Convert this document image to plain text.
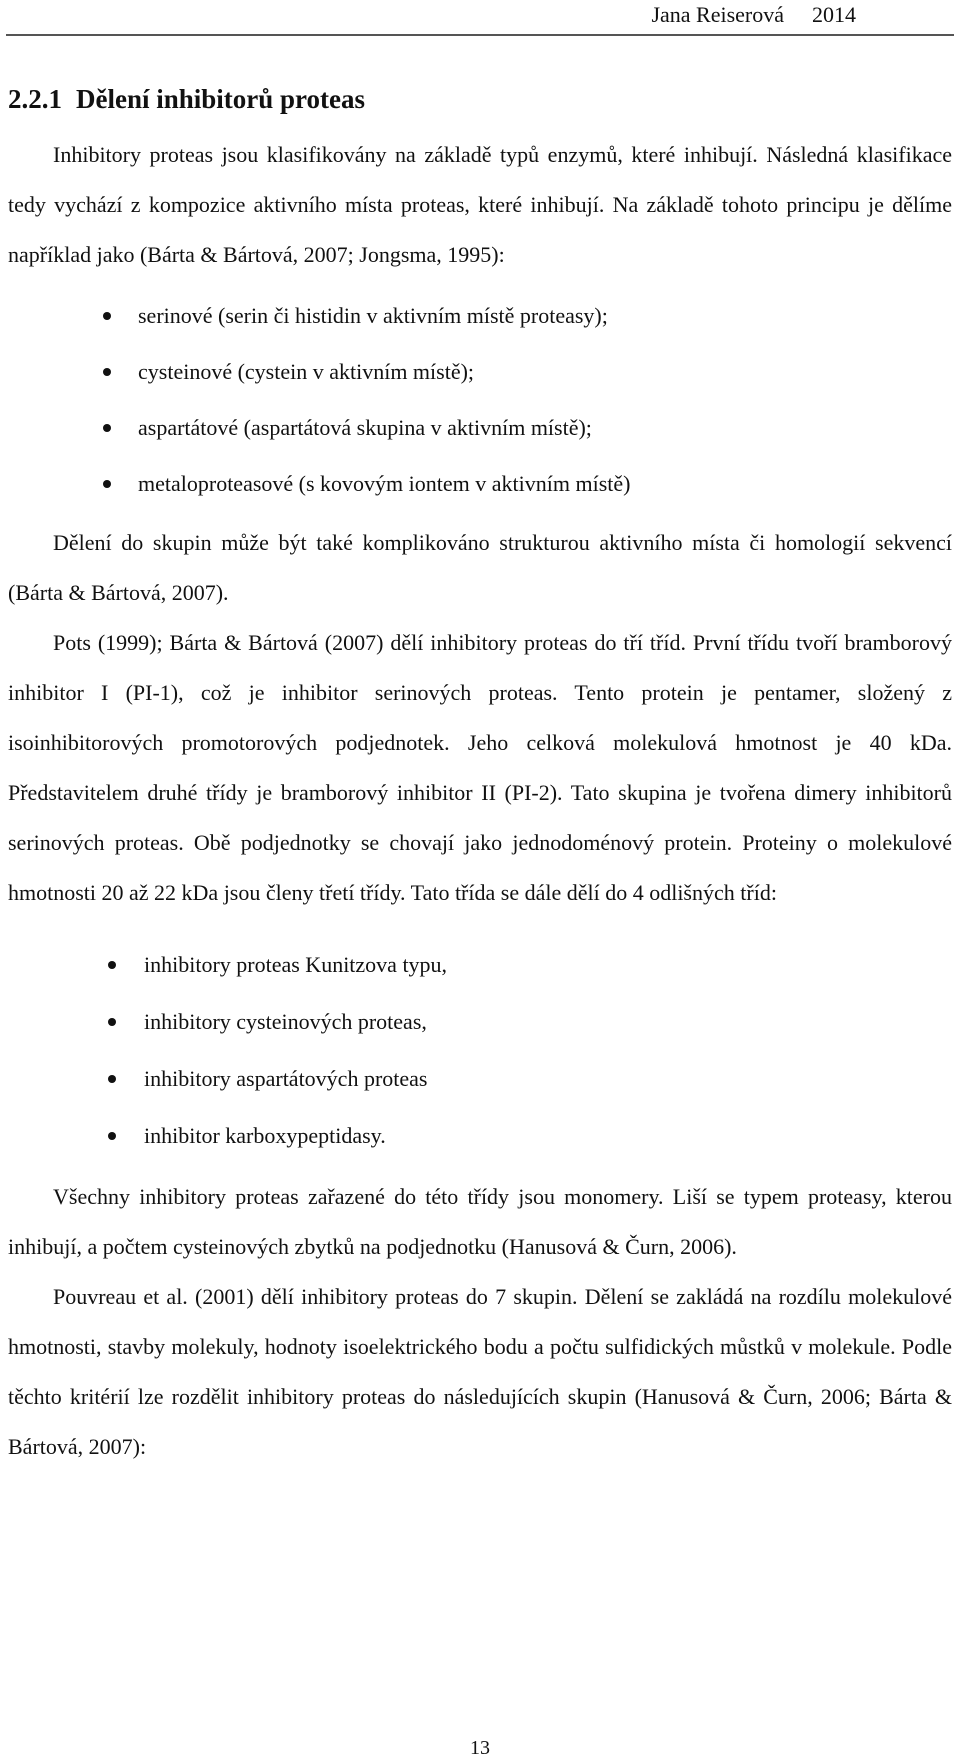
Jana Reiserová 2014
2.2.1 Dělení inhibitorů proteas

Inhibitory proteas jsou klasifikovány na základě typů enzymů, které inhibují. Následná klasifikace tedy vychází z kompozice aktivního místa proteas, které inhibují. Na základě tohoto principu je dělíme například jako (Bárta & Bártová, 2007; Jongsma, 1995):

serinové (serin či histidin v aktivním místě proteasy);
cysteinové (cystein v aktivním místě);
aspartátové (aspartátová skupina v aktivním místě);
metaloproteasové (s kovovým iontem v aktivním místě)

Dělení do skupin může být také komplikováno strukturou aktivního místa či homologií sekvencí (Bárta & Bártová, 2007).

Pots (1999); Bárta & Bártová (2007) dělí inhibitory proteas do tří tříd. První třídu tvoří bramborový inhibitor I (PI-1), což je inhibitor serinových proteas. Tento protein je pentamer, složený z isoinhibitorových promotorových podjednotek. Jeho celková molekulová hmotnost je 40 kDa. Představitelem druhé třídy je bramborový inhibitor II (PI-2). Tato skupina je tvořena dimery inhibitorů serinových proteas. Obě podjednotky se chovají jako jednodoménový protein. Proteiny o molekulové hmotnosti 20 až 22 kDa jsou členy třetí třídy. Tato třída se dále dělí do 4 odlišných tříd:

inhibitory proteas Kunitzova typu,
inhibitory cysteinových proteas,
inhibitory aspartátových proteas
inhibitor karboxypeptidasy.

Všechny inhibitory proteas zařazené do této třídy jsou monomery. Liší se typem proteasy, kterou inhibují, a počtem cysteinových zbytků na podjednotku (Hanusová & Čurn, 2006).

Pouvreau et al. (2001) dělí inhibitory proteas do 7 skupin. Dělení se zakládá na rozdílu molekulové hmotnosti, stavby molekuly, hodnoty isoelektrického bodu a počtu sulfidických můstků v molekule. Podle těchto kritérií lze rozdělit inhibitory proteas do následujících skupin (Hanusová & Čurn, 2006; Bárta & Bártová, 2007):

13
